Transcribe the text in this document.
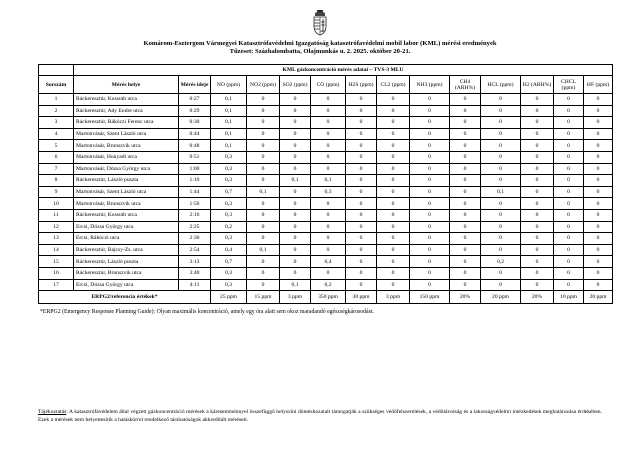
Komárom-Esztergom Vármegyei Katasztrófavédelmi Igazgatóság katasztrófavédelmi mobil labor (KML) mérési eredmények
Tűzeset: Százhalombatta, Olajmunkás u. 2. 2025. október 20-21.
	KML gázkoncentráció mérés adatai – TVS-3 MLU													
Sorszám	Mérés helye	Mérés ideje	NO (ppm)	NO2 (ppm)	SO2 (ppm)	CO (ppm)	H2S (ppm)	CL2 (ppm)	NH3 (ppm)	CH4 (ARH%)	HCL (ppm)	H2 (ARH%)	CHCL (ppm)	HF (ppm)
1	Ráckeresztúr, Kossuth utca	0:27	0,1	0	0	0	0	0	0	0	0	0	0	0
2	Ráckeresztúr, Ady Endre utca	0:29	0,1	0	0	0	0	0	0	0	0	0	0	0
3	Ráckeresztúr, Rákóczi Ferenc utca	0:30	0,1	0	0	0	0	0	0	0	0	0	0	0
4	Martonvásár, Szent László utca	0:44	0,1	0	0	0	0	0	0	0	0	0	0	0
5	Martonvásár, Brunszvik utca	0:48	0,1	0	0	0	0	0	0	0	0	0	0	0
6	Martonvásár, Hunyadi utca	0:51	0,3	0	0	0	0	0	0	0	0	0	0	0
7	Martonvásár, Dózsa György utca	1:00	0,3	0	0	0	0	0	0	0	0	0	0	0
8	Ráckeresztúr, László puszta	1:10	0,3	0	0,1	0,1	0	0	0	0	0	0	0	0
9	Martonvásár, Szent László utca	1:44	0,7	0,1	0	0,3	0	0	0	0	0,1	0	0	0
10	Martonvásár, Brunszvik utca	1:56	0,3	0	0	0	0	0	0	0	0	0	0	0
11	Ráckeresztúr, Kossuth utca	2:16	0,3	0	0	0	0	0	0	0	0	0	0	0
12	Ercsi, Dózsa György utca	2:25	0,2	0	0	0	0	0	0	0	0	0	0	0
13	Ercsi, Rákóczi utca	2:30	0,3	0	0	0	0	0	0	0	0	0	0	0
14	Ráckeresztúr, Bajcsy-Zs. utca	2:54	0,4	0,1	0	0	0	0	0	0	0	0	0	0
15	Ráckeresztúr, László puszta	3:13	0,7	0	0	0,4	0	0	0	0	0,2	0	0	0
16	Ráckeresztúr, Brunszvik utca	3:40	0,3	0	0	0	0	0	0	0	0	0	0	0
17	Ercsi, Dózsa György utca	4:11	0,3	0	0,1	0,2	0	0	0	0	0	0	0	0
ERPG2/referencia értékek*			25 ppm	15 ppm	3 ppm	350 ppm	30 ppm	3 ppm	150 ppm	20%	20 ppm	20%	10 ppm	20 ppm
*ERPG2 (Emergency Response Planning Guide): Olyan maximális koncentráció, amely egy óra alatt sem okoz maradandó egészségkárosodást.
Tájékoztatás: A katasztrófavédelem által végzett gázkoncentráció mérések a káresemménnyel összefüggő helyszíni döntéshozatalt támogatják a szükséges védőfelszerelések, a védőtávolság és a lakosságvédelmi intézkedések meghatározása érdekében. Ezek a mérések nem helyettesítik a hatáskörrel rendelkező társhatóságok akkreditált méréseit.
